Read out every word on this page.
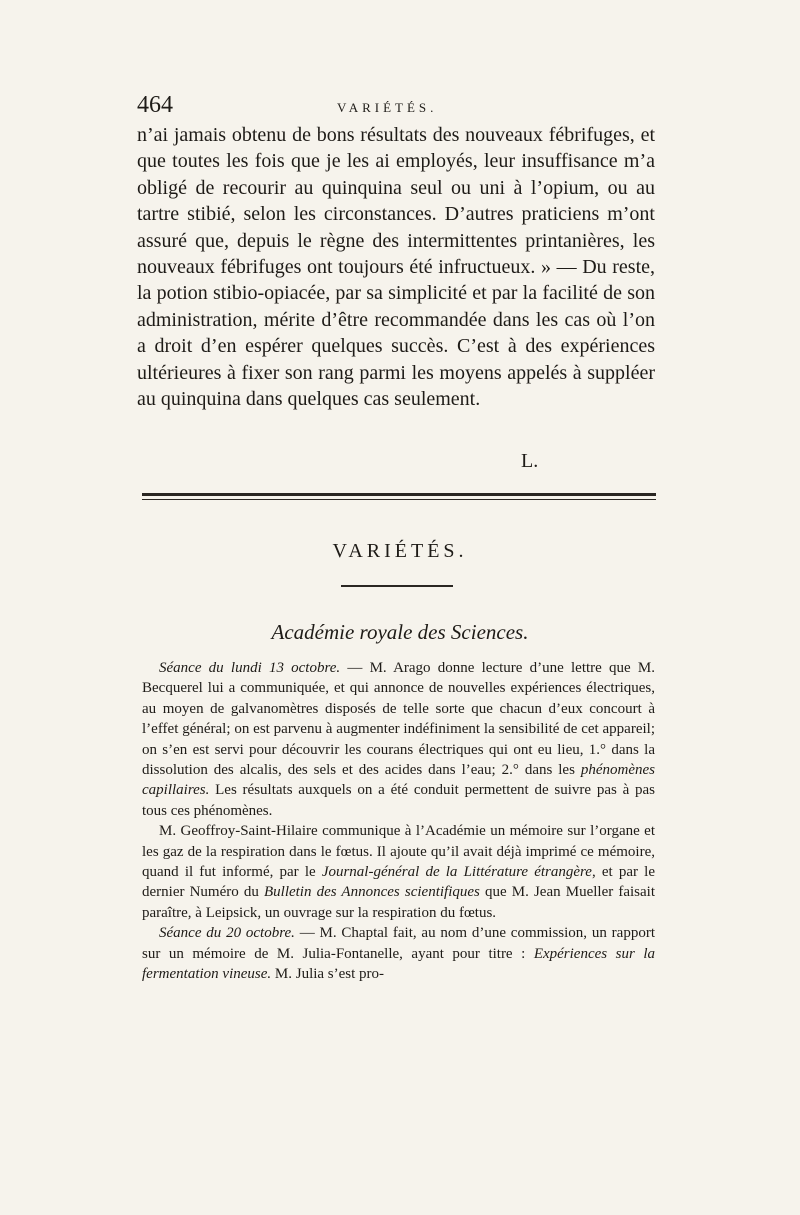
464	VARIÉTÉS.

n’ai jamais obtenu de bons résultats des nouveaux fébrifuges, et que toutes les fois que je les ai employés, leur insuffisance m’a obligé de recourir au quinquina seul ou uni à l’opium, ou au tartre stibié, selon les circonstances. D’autres praticiens m’ont assuré que, depuis le règne des intermittentes printanières, les nouveaux fébrifuges ont toujours été infructueux. » — Du reste, la potion stibio-opiacée, par sa simplicité et par la facilité de son administration, mérite d’être recommandée dans les cas où l’on a droit d’en espérer quelques succès. C’est à des expériences ultérieures à fixer son rang parmi les moyens appelés à suppléer au quinquina dans quelques cas seulement.

L.
VARIÉTÉS.
Académie royale des Sciences.

Séance du lundi 13 octobre. — M. Arago donne lecture d’une lettre que M. Becquerel lui a communiquée, et qui annonce de nouvelles expériences électriques, au moyen de galvanomètres disposés de telle sorte que chacun d’eux concourt à l’effet général; on est parvenu à augmenter indéfiniment la sensibilité de cet appareil; on s’en est servi pour découvrir les courans électriques qui ont eu lieu, 1.° dans la dissolution des alcalis, des sels et des acides dans l’eau; 2.° dans les phénomènes capillaires. Les résultats auxquels on a été conduit permettent de suivre pas à pas tous ces phénomènes.

M. Geoffroy-Saint-Hilaire communique à l’Académie un mémoire sur l’organe et les gaz de la respiration dans le fœtus. Il ajoute qu’il avait déjà imprimé ce mémoire, quand il fut informé, par le Journal-général de la Littérature étrangère, et par le dernier Numéro du Bulletin des Annonces scientifiques que M. Jean Mueller faisait paraître, à Leipsick, un ouvrage sur la respiration du fœtus.

Séance du 20 octobre. — M. Chaptal fait, au nom d’une commission, un rapport sur un mémoire de M. Julia-Fontanelle, ayant pour titre : Expériences sur la fermentation vineuse. M. Julia s’est pro-
